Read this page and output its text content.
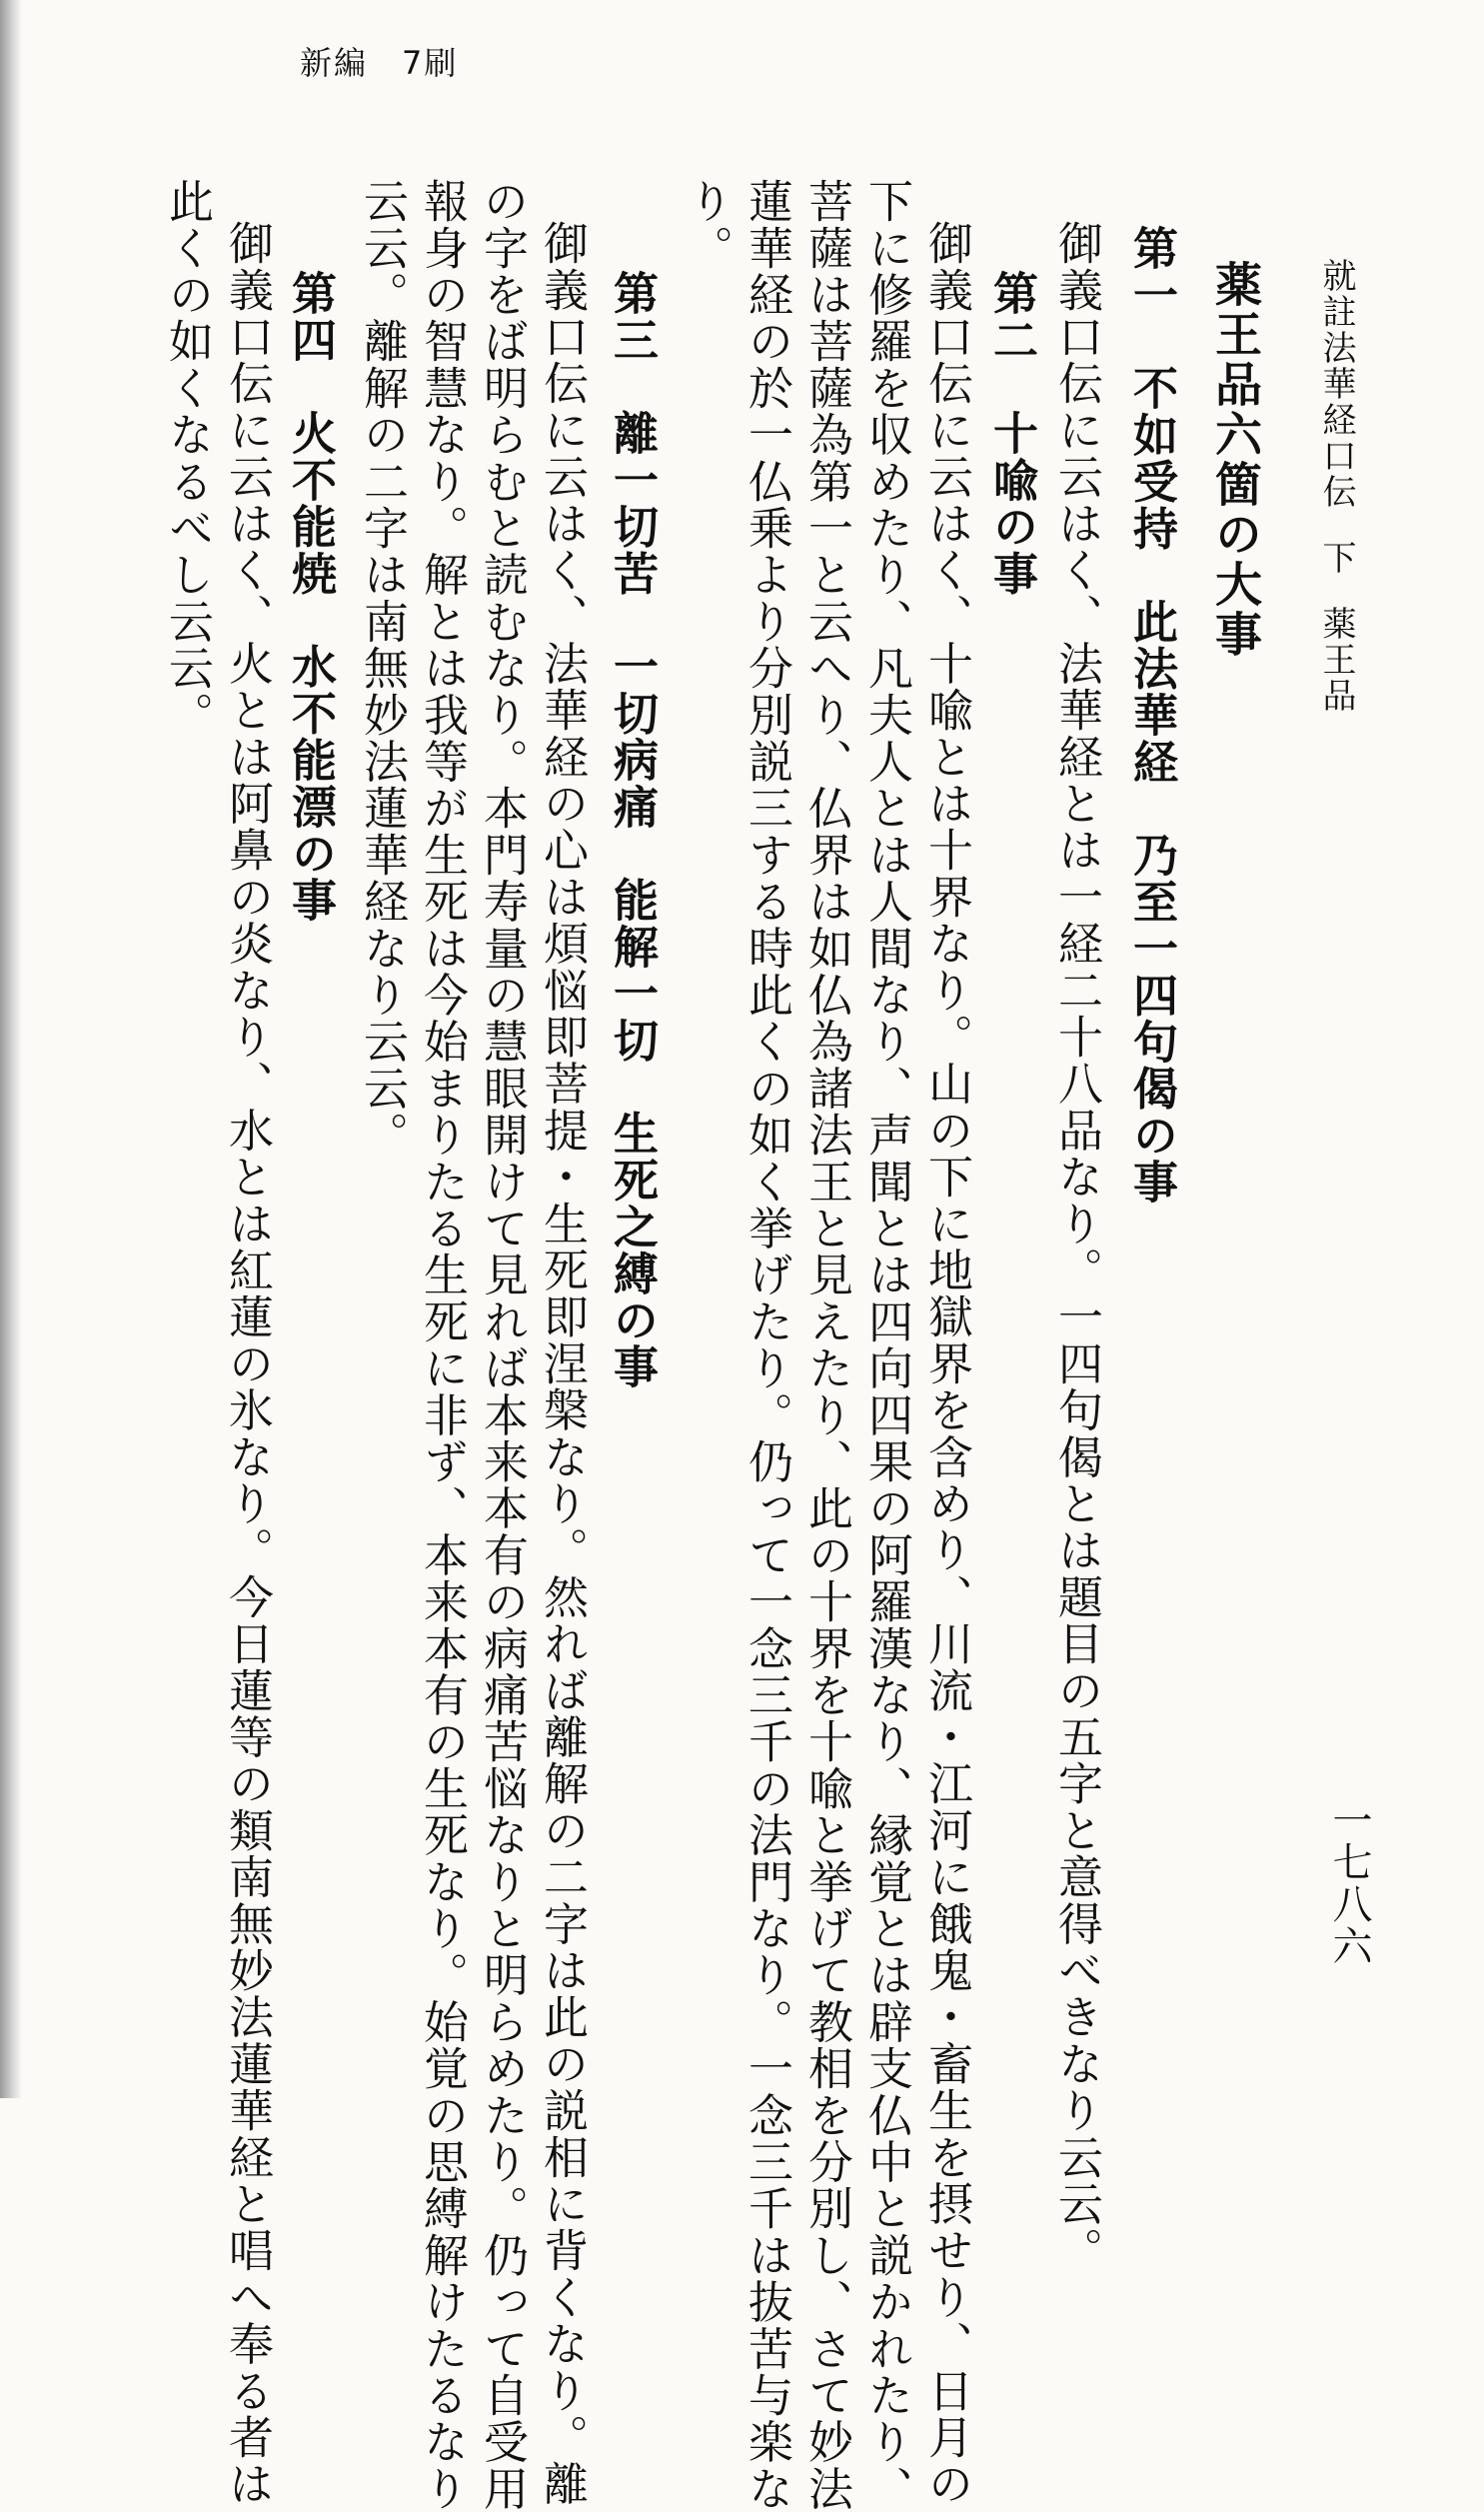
新編　7刷
就註法華経口伝下薬王品
一七八六
薬王品六箇の大事
第一　不如受持　此法華経　乃至一四句偈の事
御義口伝に云はく、法華経とは一経二十八品なり。一四句偈とは題目の五字と意得べきなり云云。
第二　十喩の事
御義口伝に云はく、十喩とは十界なり。山の下に地獄界を含めり、川流・江河に餓鬼・畜生を摂せり、日月の
下に修羅を収めたり、凡夫人とは人間なり、声聞とは四向四果の阿羅漢なり、縁覚とは辟支仏中と説かれたり、
菩薩は菩薩為第一と云へり、仏界は如仏為諸法王と見えたり、此の十界を十喩と挙げて教相を分別し、さて妙法
蓮華経の於一仏乗より分別説三する時此くの如く挙げたり。仍って一念三千の法門なり。一念三千は抜苦与楽な
り。
第三　離一切苦　一切病痛　能解一切　生死之縛の事
御義口伝に云はく、法華経の心は煩悩即菩提・生死即涅槃なり。然れば離解の二字は此の説相に背くなり。離
の字をば明らむと読むなり。本門寿量の慧眼開けて見れば本来本有の病痛苦悩なりと明らめたり。仍って自受用
報身の智慧なり。解とは我等が生死は今始まりたる生死に非ず、本来本有の生死なり。始覚の思縛解けたるなり
云云。離解の二字は南無妙法蓮華経なり云云。
第四　火不能焼　水不能漂の事
御義口伝に云はく、火とは阿鼻の炎なり、水とは紅蓮の氷なり。今日蓮等の類南無妙法蓮華経と唱へ奉る者は
此くの如くなるべし云云。
